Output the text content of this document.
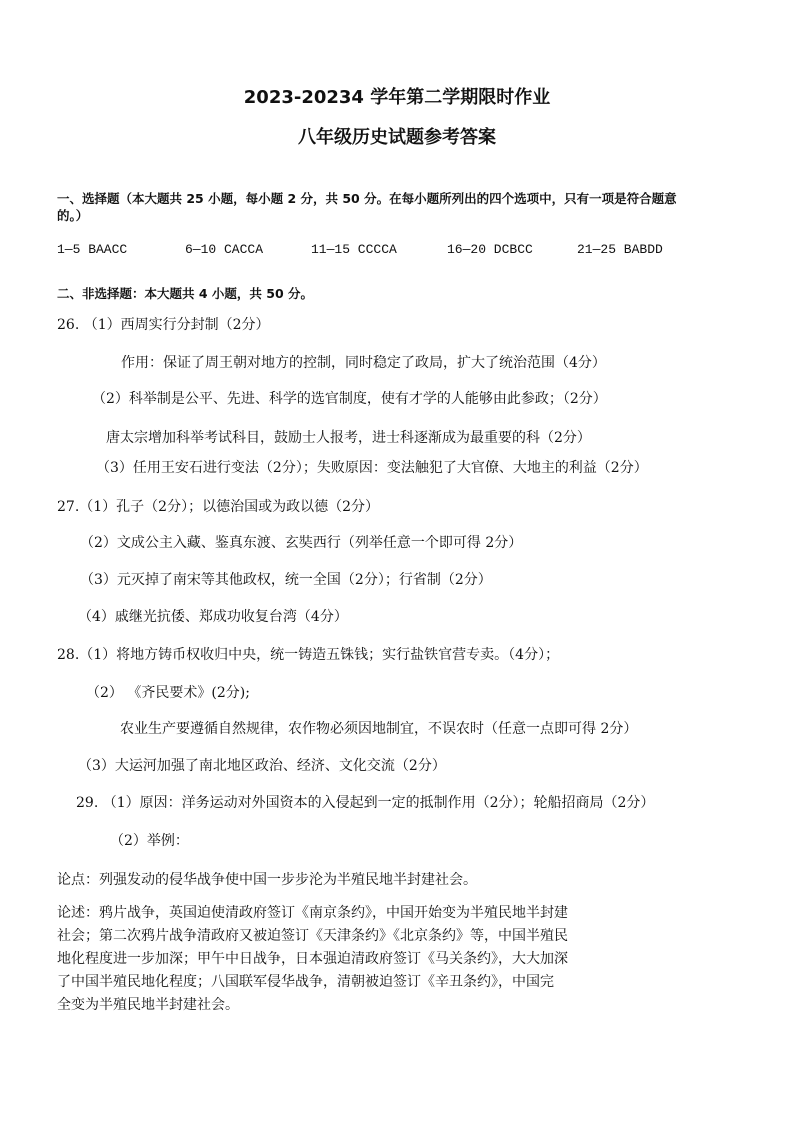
2023-20234 学年第二学期限时作业
八年级历史试题参考答案
一、选择题（本大题共 25 小题，每小题 2 分，共 50 分。在每小题所列出的四个选项中，只有一项是符合题意
的。）
1—5 BAACC	6—10 CACCA	11—15 CCCCA	16—20 DCBCC	21—25 BABDD
二、非选择题：本大题共 4 小题，共 50 分。
26. （1）西周实行分封制（2分）
作用：保证了周王朝对地方的控制，同时稳定了政局，扩大了统治范围（4分）
（2）科举制是公平、先进、科学的选官制度，使有才学的人能够由此参政；（2分）
唐太宗增加科举考试科目，鼓励士人报考，进士科逐渐成为最重要的科（2分）
（3）任用王安石进行变法（2分）；失败原因：变法触犯了大官僚、大地主的利益（2分）
27.（1）孔子（2分）；以德治国或为政以德（2分）
（2）文成公主入藏、鉴真东渡、玄奘西行（列举任意一个即可得 2分）
（3）元灭掉了南宋等其他政权，统一全国（2分）；行省制（2分）
（4）戚继光抗倭、郑成功收复台湾（4分）
28.（1）将地方铸币权收归中央，统一铸造五铢钱；实行盐铁官营专卖。（4分）；
（2） 《齐民要术》(2分);
农业生产要遵循自然规律，农作物必须因地制宜，不误农时（任意一点即可得 2分）
（3）大运河加强了南北地区政治、经济、文化交流（2分）
29. （1）原因：洋务运动对外国资本的入侵起到一定的抵制作用（2分）；轮船招商局（2分）
（2）举例：
论点：列强发动的侵华战争使中国一步步沦为半殖民地半封建社会。
论述：鸦片战争，英国迫使清政府签订《南京条约》，中国开始变为半殖民地半封建
社会；第二次鸦片战争清政府又被迫签订《天津条约》《北京条约》等，中国半殖民
地化程度进一步加深；甲午中日战争，日本强迫清政府签订《马关条约》，大大加深
了中国半殖民地化程度；八国联军侵华战争，清朝被迫签订《辛丑条约》，中国完
全变为半殖民地半封建社会。
